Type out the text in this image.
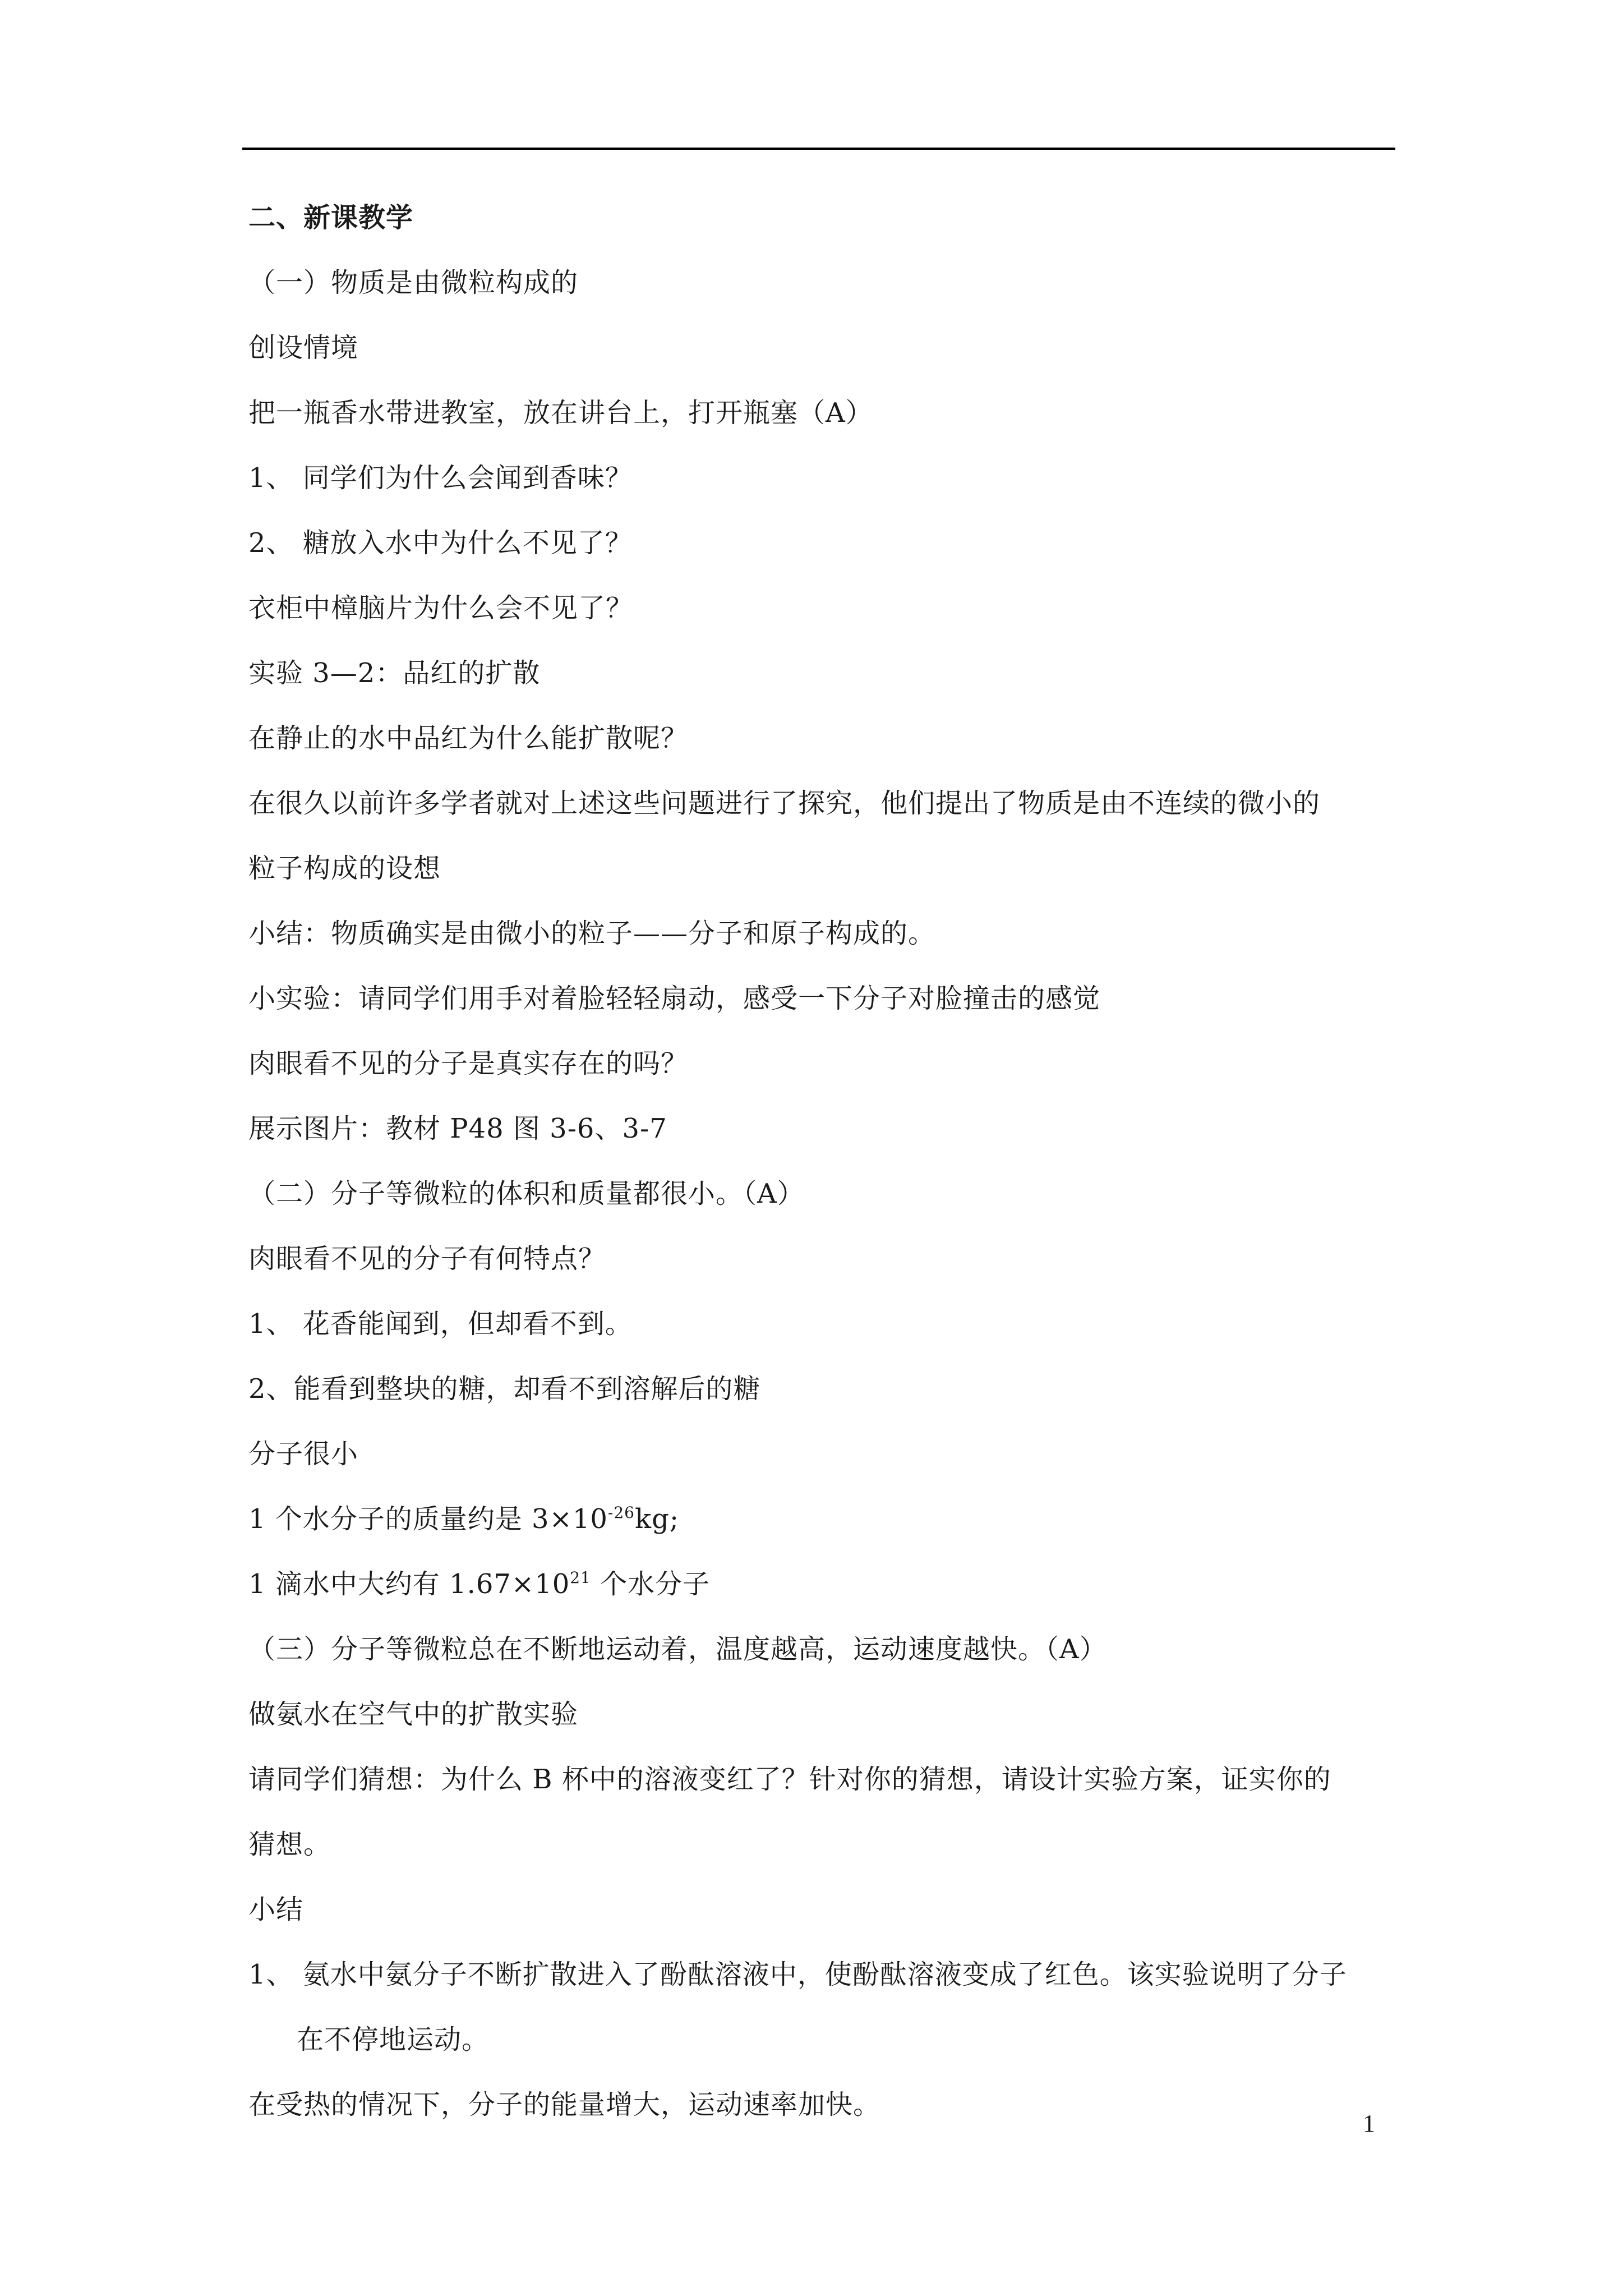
二、新课教学
（一）物质是由微粒构成的
创设情境
把一瓶香水带进教室，放在讲台上，打开瓶塞（A）
1、 同学们为什么会闻到香味？
2、 糖放入水中为什么不见了？
衣柜中樟脑片为什么会不见了？
实验 3—2：品红的扩散
在静止的水中品红为什么能扩散呢？
在很久以前许多学者就对上述这些问题进行了探究，他们提出了物质是由不连续的微小的
粒子构成的设想
小结：物质确实是由微小的粒子——分子和原子构成的。
小实验：请同学们用手对着脸轻轻扇动，感受一下分子对脸撞击的感觉
肉眼看不见的分子是真实存在的吗？
展示图片：教材 P48 图 3-6、3-7
（二）分子等微粒的体积和质量都很小。（A）
肉眼看不见的分子有何特点？
1、 花香能闻到，但却看不到。
2、能看到整块的糖，却看不到溶解后的糖
分子很小
1 个水分子的质量约是 $3\times 10^{-26}kg$;
1 滴水中大约有 $1.67\times 10^{21}$ 个水分子
（三）分子等微粒总在不断地运动着，温度越高，运动速度越快。（A）
做氨水在空气中的扩散实验
请同学们猜想：为什么 B 杯中的溶液变红了？针对你的猜想，请设计实验方案，证实你的
猜想。
小结
1、 氨水中氨分子不断扩散进入了酚酞溶液中，使酚酞溶液变成了红色。该实验说明了分子
在不停地运动。
在受热的情况下，分子的能量增大，运动速率加快。
1
